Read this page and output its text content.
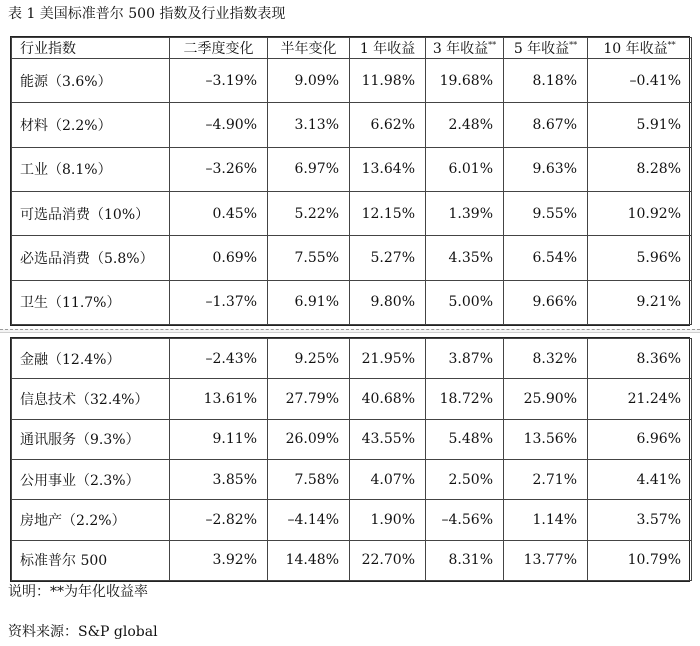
表 1 美国标准普尔 500 指数及行业指数表现
行业指数	二季度变化	半年变化	1 年收益	3 年收益**	5 年收益**	10 年收益**
能源（3.6%）	–3.19%	9.09%	11.98%	19.68%	8.18%	–0.41%
材料（2.2%）	–4.90%	3.13%	6.62%	2.48%	8.67%	5.91%
工业（8.1%）	–3.26%	6.97%	13.64%	6.01%	9.63%	8.28%
可选品消费（10%）	0.45%	5.22%	12.15%	1.39%	9.55%	10.92%
必选品消费（5.8%）	0.69%	7.55%	5.27%	4.35%	6.54%	5.96%
卫生（11.7%）	–1.37%	6.91%	9.80%	5.00%	9.66%	9.21%
金融（12.4%）	–2.43%	9.25%	21.95%	3.87%	8.32%	8.36%
信息技术（32.4%）	13.61%	27.79%	40.68%	18.72%	25.90%	21.24%
通讯服务（9.3%）	9.11%	26.09%	43.55%	5.48%	13.56%	6.96%
公用事业（2.3%）	3.85%	7.58%	4.07%	2.50%	2.71%	4.41%
房地产（2.2%）	–2.82%	–4.14%	1.90%	–4.56%	1.14%	3.57%
标准普尔 500	3.92%	14.48%	22.70%	8.31%	13.77%	10.79%
说明：**为年化收益率
资料来源：S&P global
